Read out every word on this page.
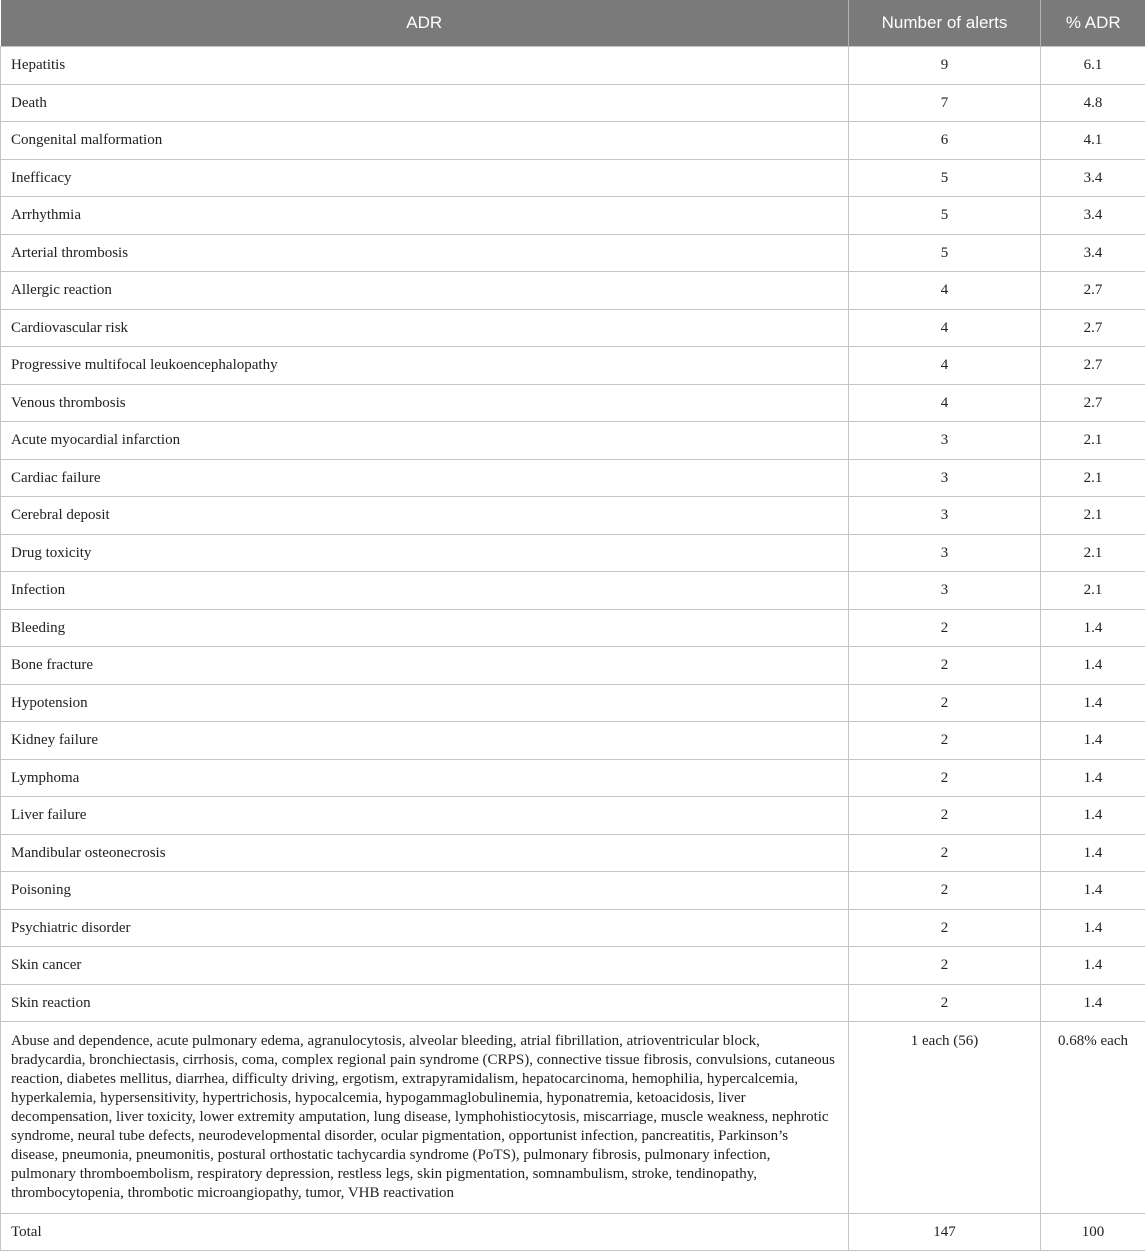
ADR	Number of alerts	% ADR
Hepatitis	9	6.1
Death	7	4.8
Congenital malformation	6	4.1
Inefficacy	5	3.4
Arrhythmia	5	3.4
Arterial thrombosis	5	3.4
Allergic reaction	4	2.7
Cardiovascular risk	4	2.7
Progressive multifocal leukoencephalopathy	4	2.7
Venous thrombosis	4	2.7
Acute myocardial infarction	3	2.1
Cardiac failure	3	2.1
Cerebral deposit	3	2.1
Drug toxicity	3	2.1
Infection	3	2.1
Bleeding	2	1.4
Bone fracture	2	1.4
Hypotension	2	1.4
Kidney failure	2	1.4
Lymphoma	2	1.4
Liver failure	2	1.4
Mandibular osteonecrosis	2	1.4
Poisoning	2	1.4
Psychiatric disorder	2	1.4
Skin cancer	2	1.4
Skin reaction	2	1.4
Abuse and dependence, acute pulmonary edema, agranulocytosis, alveolar bleeding, atrial fibrillation, atrioventricular block, bradycardia, bronchiectasis, cirrhosis, coma, complex regional pain syndrome (CRPS), connective tissue fibrosis, convulsions, cutaneous reaction, diabetes mellitus, diarrhea, difficulty driving, ergotism, extrapyramidalism, hepatocarcinoma, hemophilia, hypercalcemia, hyperkalemia, hypersensitivity, hypertrichosis, hypocalcemia, hypogammaglobulinemia, hyponatremia, ketoacidosis, liver decompensation, liver toxicity, lower extremity amputation, lung disease, lymphohistiocytosis, miscarriage, muscle weakness, nephrotic syndrome, neural tube defects, neurodevelopmental disorder, ocular pigmentation, opportunist infection, pancreatitis, Parkinson’s disease, pneumonia, pneumonitis, postural orthostatic tachycardia syndrome (PoTS), pulmonary fibrosis, pulmonary infection, pulmonary thromboembolism, respiratory depression, restless legs, skin pigmentation, somnambulism, stroke, tendinopathy, thrombocytopenia, thrombotic microangiopathy, tumor, VHB reactivation	1 each (56)	0.68% each
Total	147	100
